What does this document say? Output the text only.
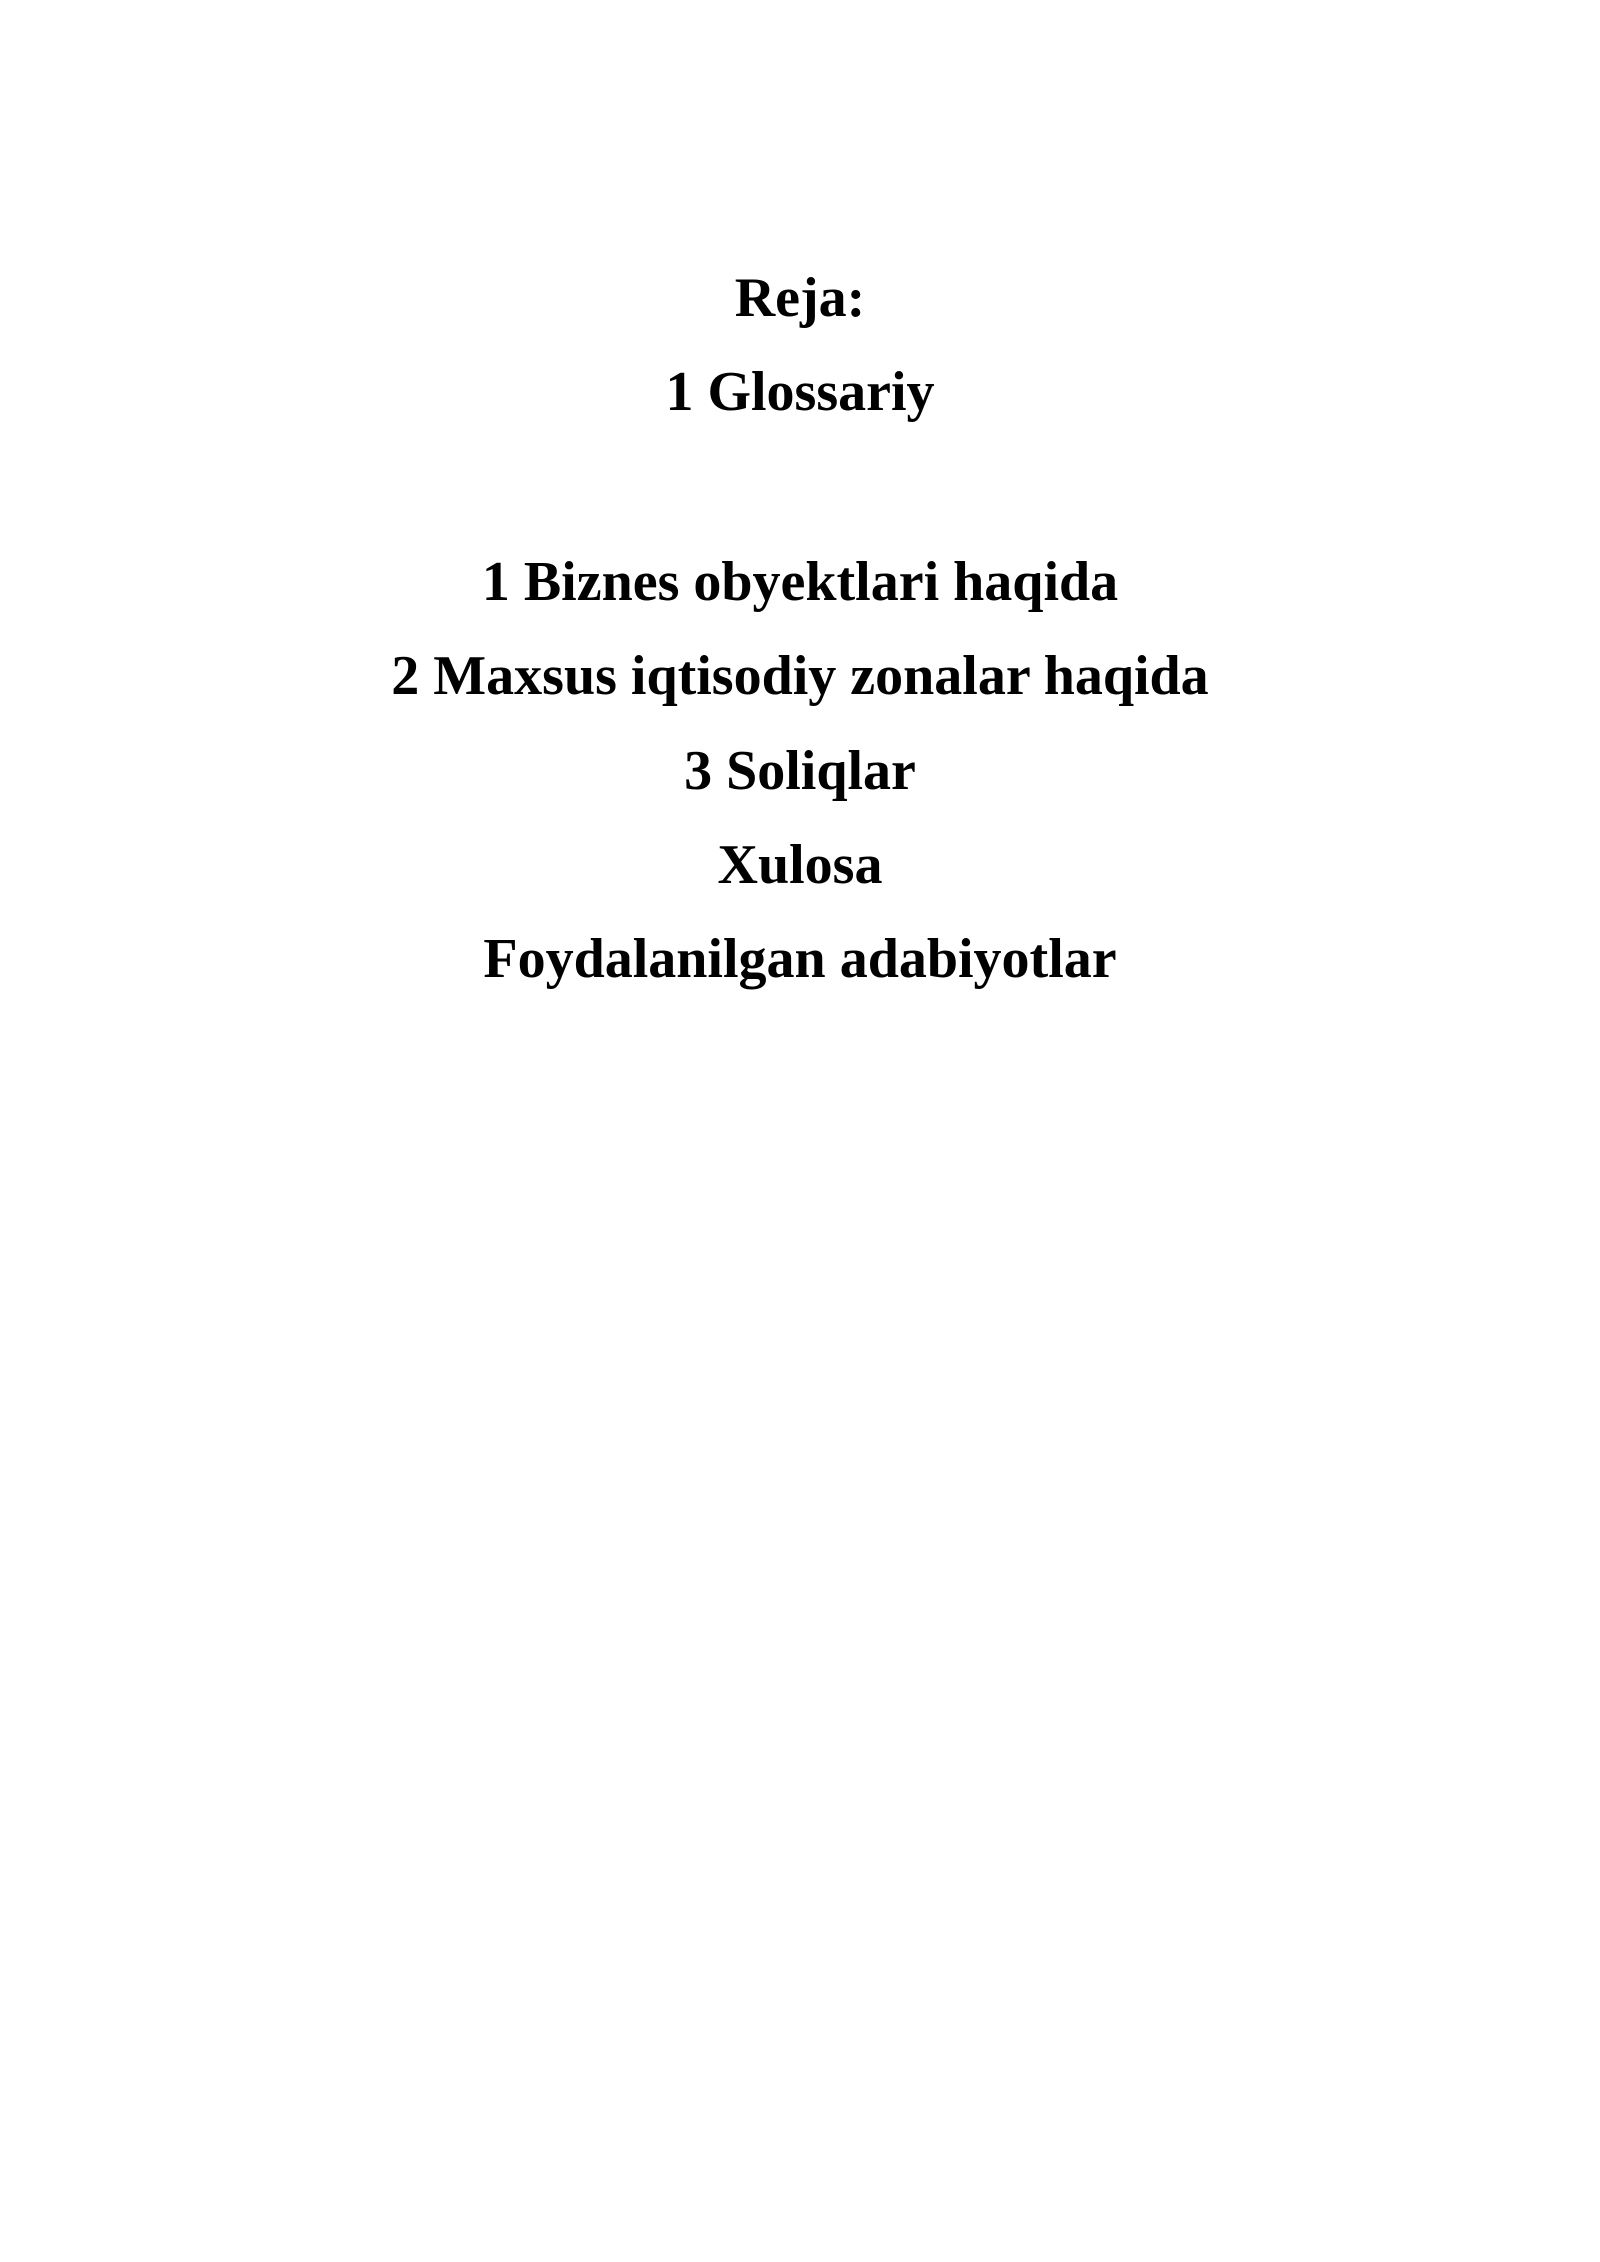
Reja:
1 Glossariy
1 Biznes obyektlari haqida
2 Maxsus iqtisodiy zonalar haqida
3 Soliqlar
Xulosa
Foydalanilgan adabiyotlar
